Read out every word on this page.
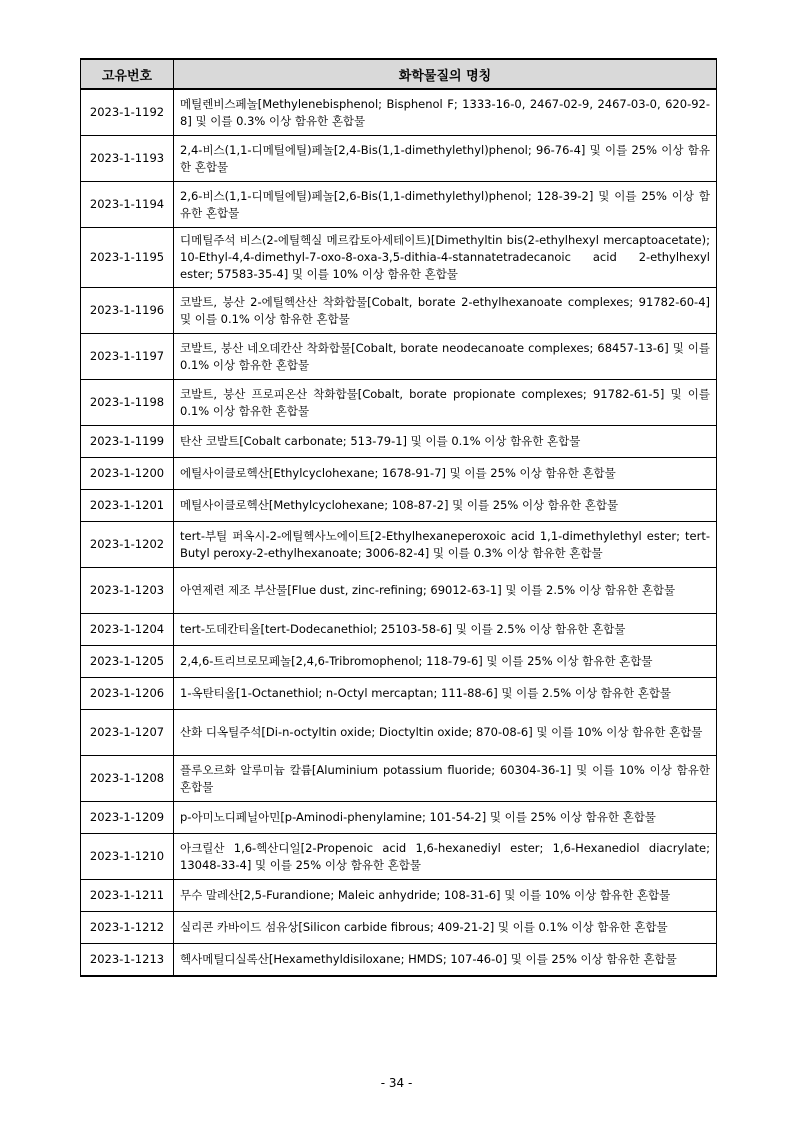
고유번호	화학물질의 명칭
2023-1-1192	메틸렌비스페놀[Methylenebisphenol; Bisphenol F; 1333-16-0, 2467-02-9, 2467-03-0, 620-92-8] 및 이를 0.3% 이상 함유한 혼합물
2023-1-1193	2,4-비스(1,1-디메틸에틸)페놀[2,4-Bis(1,1-dimethylethyl)phenol; 96-76-4] 및 이를 25% 이상 함유한 혼합물
2023-1-1194	2,6-비스(1,1-디메틸에틸)페놀[2,6-Bis(1,1-dimethylethyl)phenol; 128-39-2] 및 이를 25% 이상 함유한 혼합물
2023-1-1195	디메틸주석 비스(2-에틸헥실 메르캅토아세테이트)[Dimethyltin bis(2-ethylhexyl mercaptoacetate); 10-Ethyl-4,4-dimethyl-7-oxo-8-oxa-3,5-dithia-4-stannatetradecanoic acid 2-ethylhexyl ester; 57583-35-4] 및 이를 10% 이상 함유한 혼합물
2023-1-1196	코발트, 붕산 2-에틸헥산산 착화합물[Cobalt, borate 2-ethylhexanoate complexes; 91782-60-4] 및 이를 0.1% 이상 함유한 혼합물
2023-1-1197	코발트, 붕산 네오데칸산 착화합물[Cobalt, borate neodecanoate complexes; 68457-13-6] 및 이를 0.1% 이상 함유한 혼합물
2023-1-1198	코발트, 붕산 프로피온산 착화합물[Cobalt, borate propionate complexes; 91782-61-5] 및 이를 0.1% 이상 함유한 혼합물
2023-1-1199	탄산 코발트[Cobalt carbonate; 513-79-1] 및 이를 0.1% 이상 함유한 혼합물
2023-1-1200	에틸사이클로헥산[Ethylcyclohexane; 1678-91-7] 및 이를 25% 이상 함유한 혼합물
2023-1-1201	메틸사이클로헥산[Methylcyclohexane; 108-87-2] 및 이를 25% 이상 함유한 혼합물
2023-1-1202	tert-부틸 퍼옥시-2-에틸헥사노에이트[2-Ethylhexaneperoxoic acid 1,1-dimethylethyl ester; tert-Butyl peroxy-2-ethylhexanoate; 3006-82-4] 및 이를 0.3% 이상 함유한 혼합물
2023-1-1203	아연제련 제조 부산물[Flue dust, zinc-refining; 69012-63-1] 및 이를 2.5% 이상 함유한 혼합물
2023-1-1204	tert-도데칸티올[tert-Dodecanethiol; 25103-58-6] 및 이를 2.5% 이상 함유한 혼합물
2023-1-1205	2,4,6-트리브로모페놀[2,4,6-Tribromophenol; 118-79-6] 및 이를 25% 이상 함유한 혼합물
2023-1-1206	1-옥탄티올[1-Octanethiol; n-Octyl mercaptan; 111-88-6] 및 이를 2.5% 이상 함유한 혼합물
2023-1-1207	산화 디옥틸주석[Di-n-octyltin oxide; Dioctyltin oxide; 870-08-6] 및 이를 10% 이상 함유한 혼합물
2023-1-1208	플루오르화 알루미늄 칼륨[Aluminium potassium fluoride; 60304-36-1] 및 이를 10% 이상 함유한 혼합물
2023-1-1209	p-아미노디페닐아민[p-Aminodi-phenylamine; 101-54-2] 및 이를 25% 이상 함유한 혼합물
2023-1-1210	아크릴산 1,6-헥산디일[2-Propenoic acid 1,6-hexanediyl ester; 1,6-Hexanediol diacrylate; 13048-33-4] 및 이를 25% 이상 함유한 혼합물
2023-1-1211	무수 말레산[2,5-Furandione; Maleic anhydride; 108-31-6] 및 이를 10% 이상 함유한 혼합물
2023-1-1212	실리콘 카바이드 섬유상[Silicon carbide fibrous; 409-21-2] 및 이를 0.1% 이상 함유한 혼합물
2023-1-1213	헥사메틸디실록산[Hexamethyldisiloxane; HMDS; 107-46-0] 및 이를 25% 이상 함유한 혼합물
- 34 -
